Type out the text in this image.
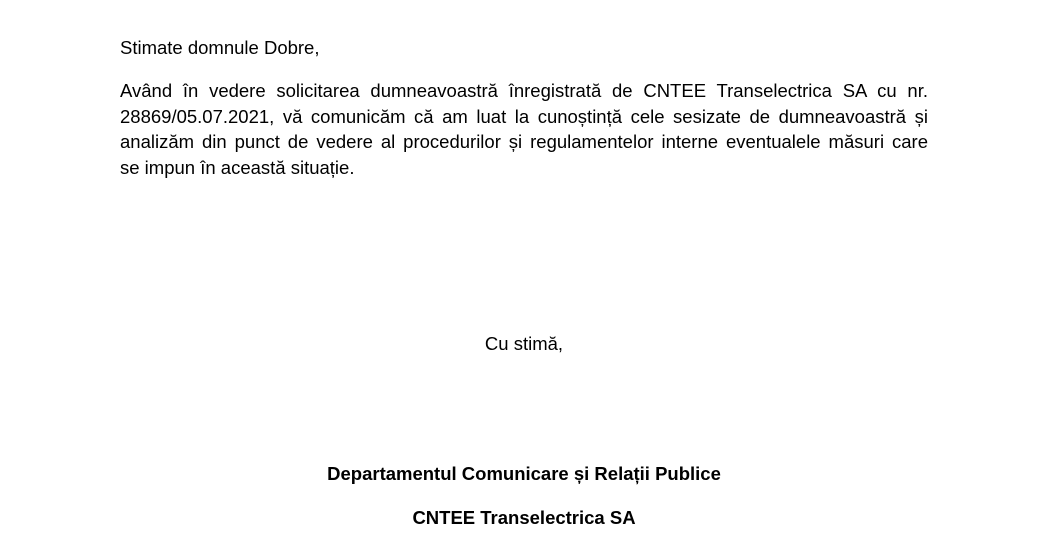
Stimate domnule Dobre,
Având în vedere solicitarea dumneavoastră înregistrată de CNTEE Transelectrica SA cu nr.
28869/05.07.2021, vă comunicăm că am luat la cunoștință cele sesizate de dumneavoastră și
analizăm din punct de vedere al procedurilor și regulamentelor interne eventualele măsuri care
se impun în această situație.
Cu stimă,
Departamentul Comunicare și Relații Publice
CNTEE Transelectrica SA
